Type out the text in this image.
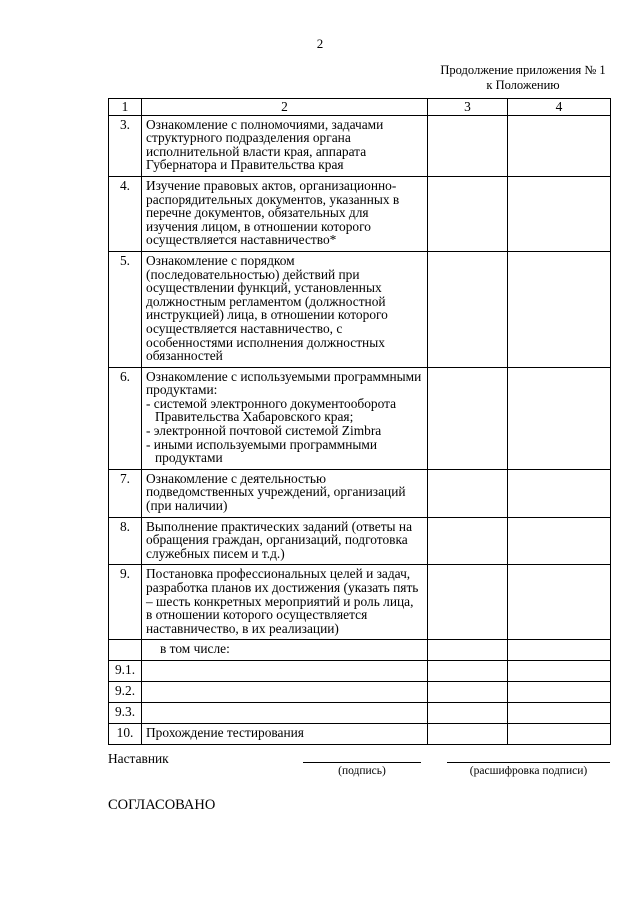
2
Продолжение приложения № 1
к Положению
1	2	3	4
3.	Ознакомление с полномочиями, задачами структурного подразделения органа исполнительной власти края, аппарата Губернатора и Правительства края		
4.	Изучение правовых актов, организационно-распорядительных документов, указанных в перечне документов, обязательных для изучения лицом, в отношении которого осуществляется наставничество*		
5.	Ознакомление с порядком (последовательностью) действий при осуществлении функций, установленных должностным регламентом (должностной инструкцией) лица, в отношении которого осуществляется наставничество, с особенностями исполнения должностных обязанностей		
6.	Ознакомление с используемыми программными продуктами:
- системой электронного документооборота Правительства Хабаровского края;
- электронной почтовой системой Zimbra
- иными используемыми программными продуктами		

7.	Ознакомление с деятельностью подведомственных учреждений, организаций (при наличии)		
8.	Выполнение практических заданий (ответы на обращения граждан, организаций, подготовка служебных писем и т.д.)		
9.	Постановка профессиональных целей и задач, разработка планов их достижения (указать пять – шесть конкретных мероприятий и роль лица, в отношении которого осуществляется наставничество, в их реализации)		

	в том числе:		

9.1.			
9.2.			
9.3.			
10.	Прохождение тестирования		
Наставник
(подпись)	(расшифровка подписи)
СОГЛАСОВАНО
